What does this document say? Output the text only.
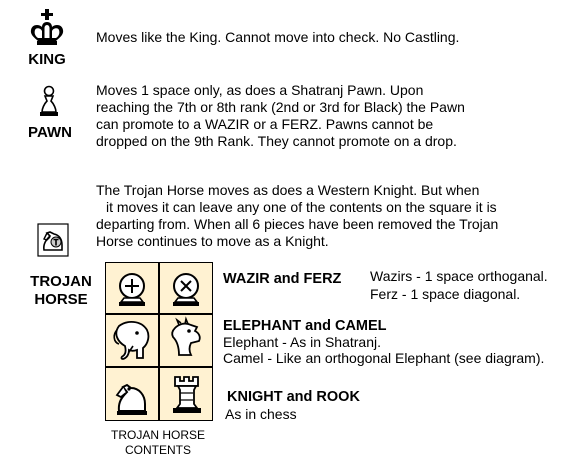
KING
Moves like the King. Cannot move into check. No Castling.
PAWN
Moves 1 space only, as does a Shatranj Pawn. Upon
reaching the 7th or 8th rank (2nd or 3rd for Black) the Pawn
can promote to a WAZIR or a FERZ. Pawns cannot be
dropped on the 9th Rank. They cannot promote on a drop.
TROJAN
HORSE
The Trojan Horse moves as does a Western Knight. But when
it moves it can leave any one of the contents on the square it is
departing from. When all 6 pieces have been removed the Trojan
Horse continues to move as a Knight.
TROJAN HORSE
CONTENTS
WAZIR and FERZ Wazirs - 1 space orthoganal.
Ferz - 1 space diagonal.
ELEPHANT and CAMEL
Elephant - As in Shatranj.
Camel - Like an orthogonal Elephant (see diagram).
KNIGHT and ROOK
As in chess
